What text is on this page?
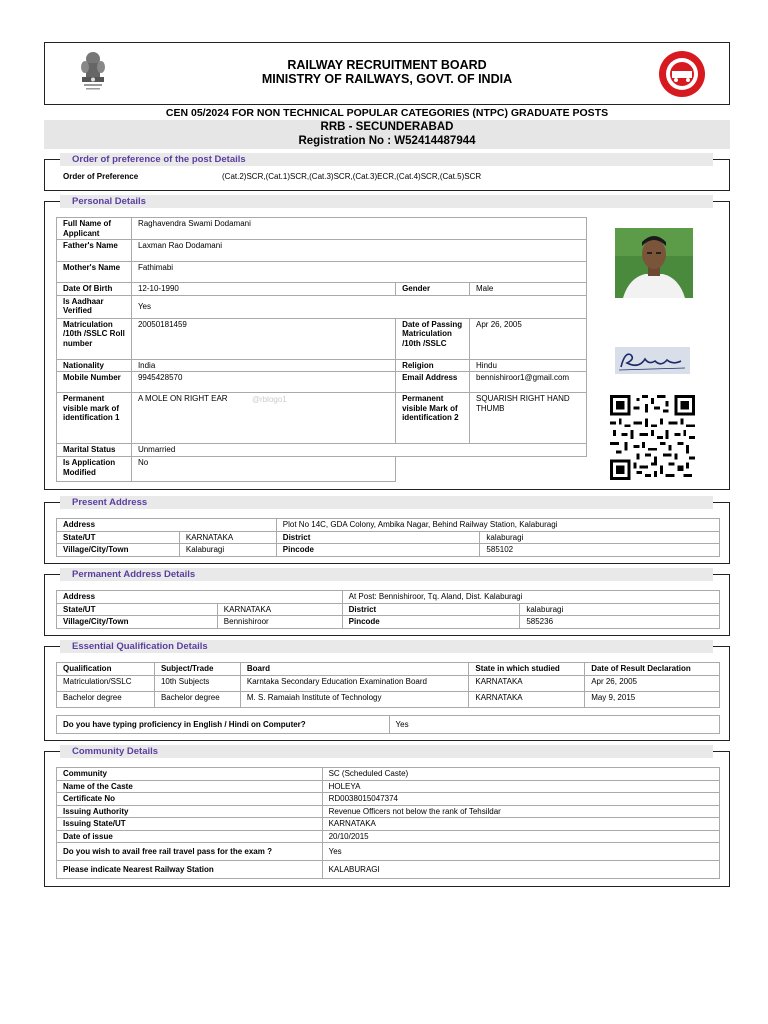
RAILWAY RECRUITMENT BOARD
MINISTRY OF RAILWAYS, GOVT. OF INDIA
CEN 05/2024 FOR NON TECHNICAL POPULAR CATEGORIES (NTPC) GRADUATE POSTS
RRB - SECUNDERABAD
Registration No : W52414487944
Order of preference of the post Details
Order of Preference	(Cat.2)SCR,(Cat.1)SCR,(Cat.3)SCR,(Cat.3)ECR,(Cat.4)SCR,(Cat.5)SCR
Personal Details
Full Name of Applicant	Raghavendra Swami Dodamani		
Father's Name	Laxman Rao Dodamani		
Mother's Name	Fathimabi		
Date Of Birth	12-10-1990	Gender	Male
Is Aadhaar Verified	Yes		
Matriculation /10th /SSLC Roll number	20050181459	Date of Passing Matriculation /10th /SSLC	Apr 26, 2005
Nationality	India	Religion	Hindu
Mobile Number	9945428570	Email Address	bennishiroor1@gmail.com
Permanent visible mark of identification 1	A MOLE ON RIGHT EAR @rblogo1	Permanent visible Mark of identification 2	SQUARISH RIGHT HAND THUMB
Marital Status	Unmarried		
Is Application Modified	No		
Present Address
Address		Plot No 14C, GDA Colony, Ambika Nagar, Behind Railway Station, Kalaburagi	
State/UT	KARNATAKA	District	kalaburagi
Village/City/Town	Kalaburagi	Pincode	585102
Permanent Address Details
Address		At Post: Bennishiroor, Tq. Aland, Dist. Kalaburagi	
State/UT	KARNATAKA	District	kalaburagi
Village/City/Town	Bennishiroor	Pincode	585236
Essential Qualification Details
Qualification	Subject/Trade	Board	State in which studied	Date of Result Declaration
Matriculation/SSLC	10th Subjects	Karntaka Secondary Education Examination Board	KARNATAKA	Apr 26, 2005
Bachelor degree	Bachelor degree	M. S. Ramaiah Institute of Technology	KARNATAKA	May 9, 2015
Do you have typing proficiency in English / Hindi on Computer?	Yes
Community Details
Community	SC (Scheduled Caste)
Name of the Caste	HOLEYA
Certificate No	RD0038015047374
Issuing Authority	Revenue Officers not below the rank of Tehsildar
Issuing State/UT	KARNATAKA
Date of issue	20/10/2015
Do you wish to avail free rail travel pass for the exam ?	Yes
Please indicate Nearest Railway Station	KALABURAGI
